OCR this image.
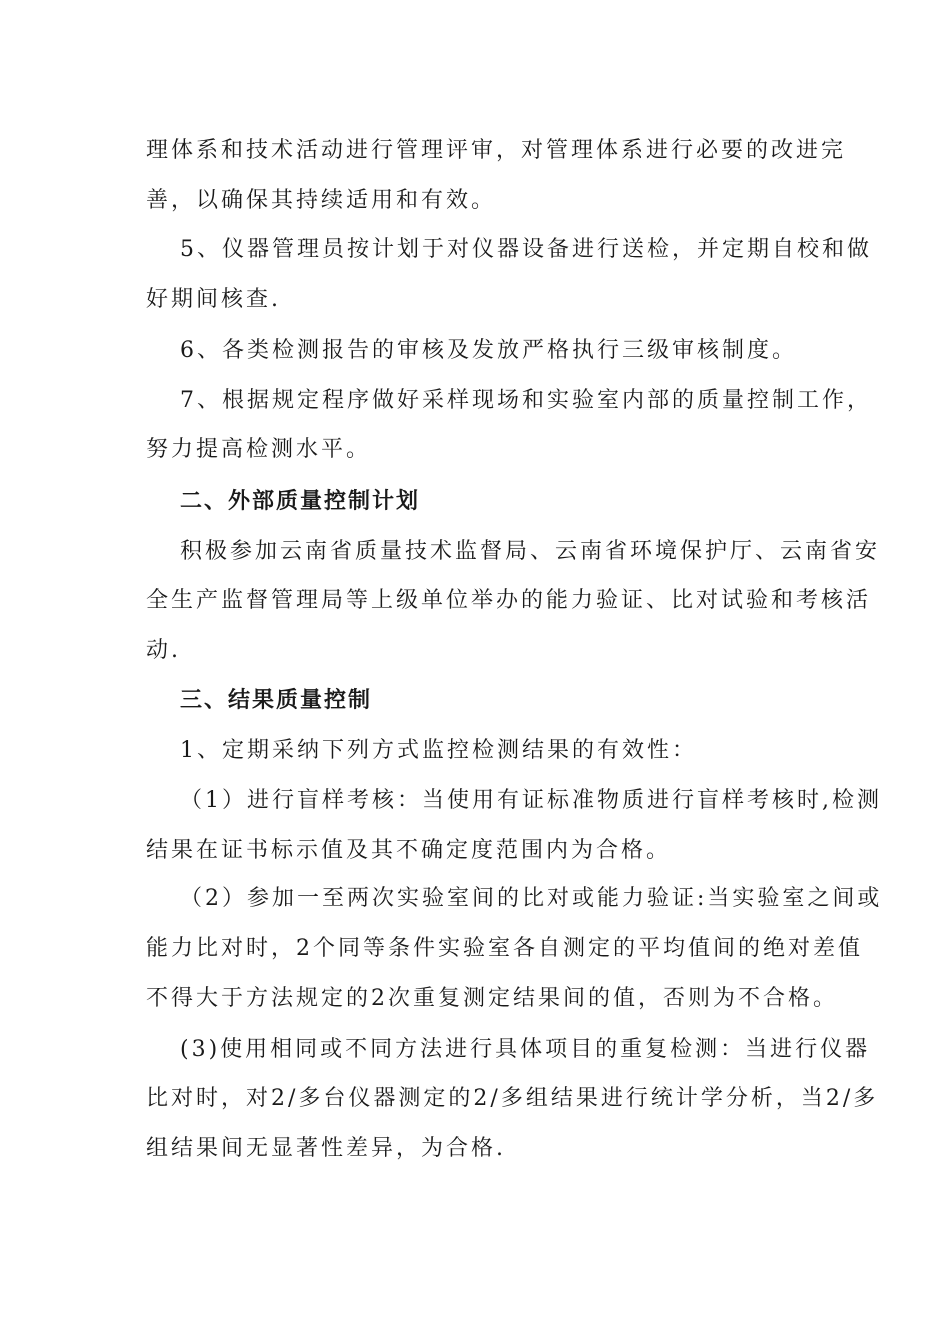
理体系和技术活动进行管理评审，对管理体系进行必要的改进完
善，以确保其持续适用和有效。
5、仪器管理员按计划于对仪器设备进行送检，并定期自校和做
好期间核查.
6、各类检测报告的审核及发放严格执行三级审核制度。
7、根据规定程序做好采样现场和实验室内部的质量控制工作，
努力提高检测水平。
二、外部质量控制计划
积极参加云南省质量技术监督局、云南省环境保护厅、云南省安
全生产监督管理局等上级单位举办的能力验证、比对试验和考核活
动.
三、结果质量控制
1、定期采纳下列方式监控检测结果的有效性：
（1）进行盲样考核：当使用有证标准物质进行盲样考核时,检测
结果在证书标示值及其不确定度范围内为合格。
（2）参加一至两次实验室间的比对或能力验证:当实验室之间或
能力比对时，2个同等条件实验室各自测定的平均值间的绝对差值
不得大于方法规定的2次重复测定结果间的值，否则为不合格。
(3)使用相同或不同方法进行具体项目的重复检测：当进行仪器
比对时，对2/多台仪器测定的2/多组结果进行统计学分析，当2/多
组结果间无显著性差异，为合格.
